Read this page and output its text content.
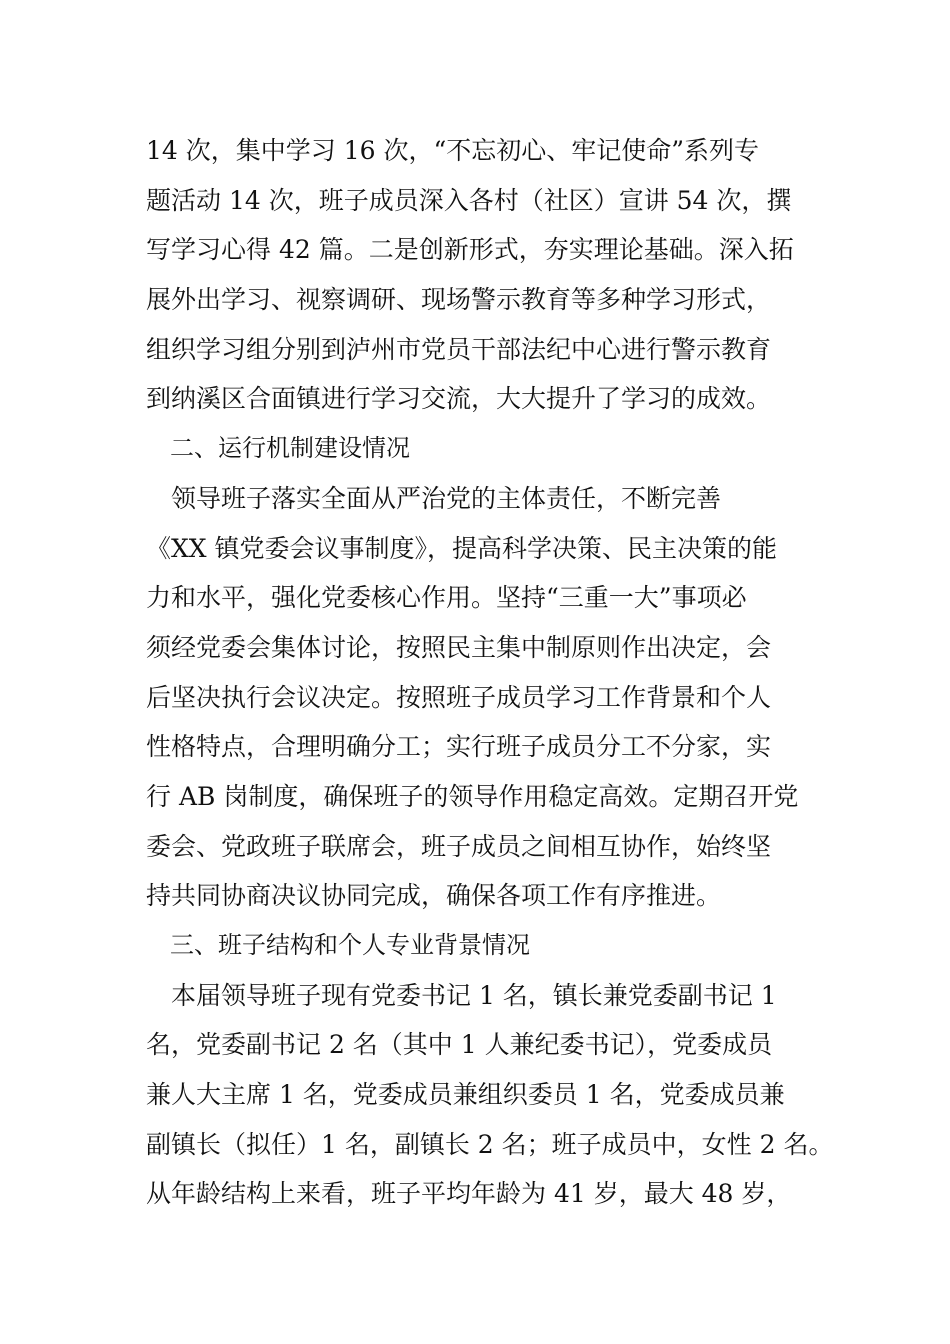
14 次，集中学习 16 次，“不忘初心、牢记使命”系列专
题活动 14 次，班子成员深入各村（社区）宣讲 54 次，撰
写学习心得 42 篇。二是创新形式，夯实理论基础。深入拓
展外出学习、视察调研、现场警示教育等多种学习形式，
组织学习组分别到泸州市党员干部法纪中心进行警示教育
到纳溪区合面镇进行学习交流，大大提升了学习的成效。
　二、运行机制建设情况
　领导班子落实全面从严治党的主体责任，不断完善
《XX 镇党委会议事制度》，提高科学决策、民主决策的能
力和水平，强化党委核心作用。坚持“三重一大”事项必
须经党委会集体讨论，按照民主集中制原则作出决定，会
后坚决执行会议决定。按照班子成员学习工作背景和个人
性格特点，合理明确分工；实行班子成员分工不分家，实
行 AB 岗制度，确保班子的领导作用稳定高效。定期召开党
委会、党政班子联席会，班子成员之间相互协作，始终坚
持共同协商决议协同完成，确保各项工作有序推进。
　三、班子结构和个人专业背景情况
　本届领导班子现有党委书记 1 名，镇长兼党委副书记 1
名，党委副书记 2 名（其中 1 人兼纪委书记），党委成员
兼人大主席 1 名，党委成员兼组织委员 1 名，党委成员兼
副镇长（拟任）1 名，副镇长 2 名；班子成员中，女性 2 名。
从年龄结构上来看，班子平均年龄为 41 岁，最大 48 岁，
